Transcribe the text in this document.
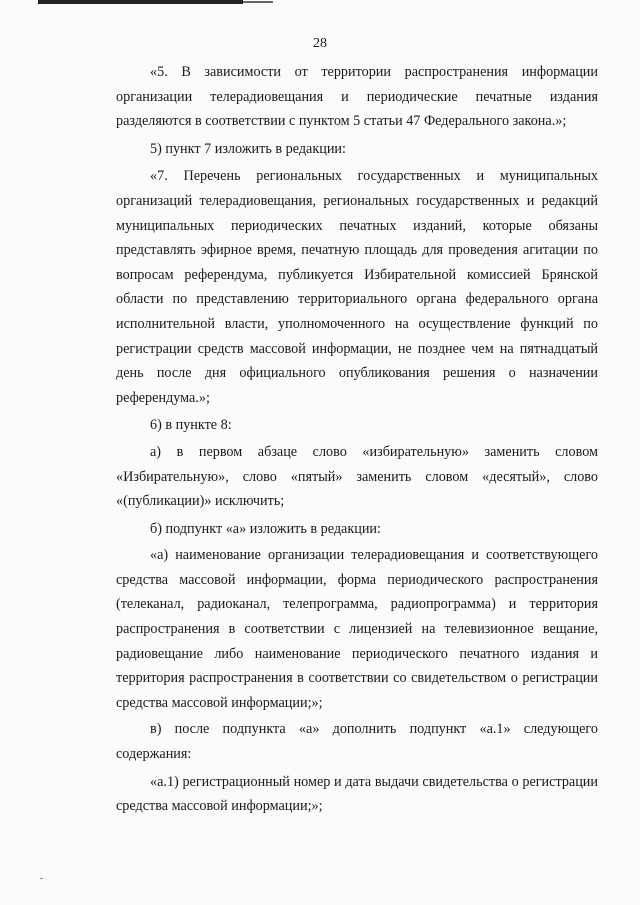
28

«5. В зависимости от территории распространения информации организации телерадиовещания и периодические печатные издания разделяются в соответствии с пунктом 5 статьи 47 Федерального закона.»;

5) пункт 7 изложить в редакции:

«7. Перечень региональных государственных и муниципальных организаций телерадиовещания, региональных государственных и редакций муниципальных периодических печатных изданий, которые обязаны представлять эфирное время, печатную площадь для проведения агитации по вопросам референдума, публикуется Избирательной комиссией Брянской области по представлению территориального органа федерального органа исполнительной власти, уполномоченного на осуществление функций по регистрации средств массовой информации, не позднее чем на пятнадцатый день после дня официального опубликования решения о назначении референдума.»;

6) в пункте 8:

а) в первом абзаце слово «избирательную» заменить словом «Избирательную», слово «пятый» заменить словом «десятый», слово «(публикации)» исключить;

б) подпункт «а» изложить в редакции:

«а) наименование организации телерадиовещания и соответствующего средства массовой информации, форма периодического распространения (телеканал, радиоканал, телепрограмма, радиопрограмма) и территория распространения в соответствии с лицензией на телевизионное вещание, радиовещание либо наименование периодического печатного издания и территория распространения в соответствии со свидетельством о регистрации средства массовой информации;»;

в) после подпункта «а» дополнить подпункт «а.1» следующего содержания:

«а.1) регистрационный номер и дата выдачи свидетельства о регистрации средства массовой информации;»;
